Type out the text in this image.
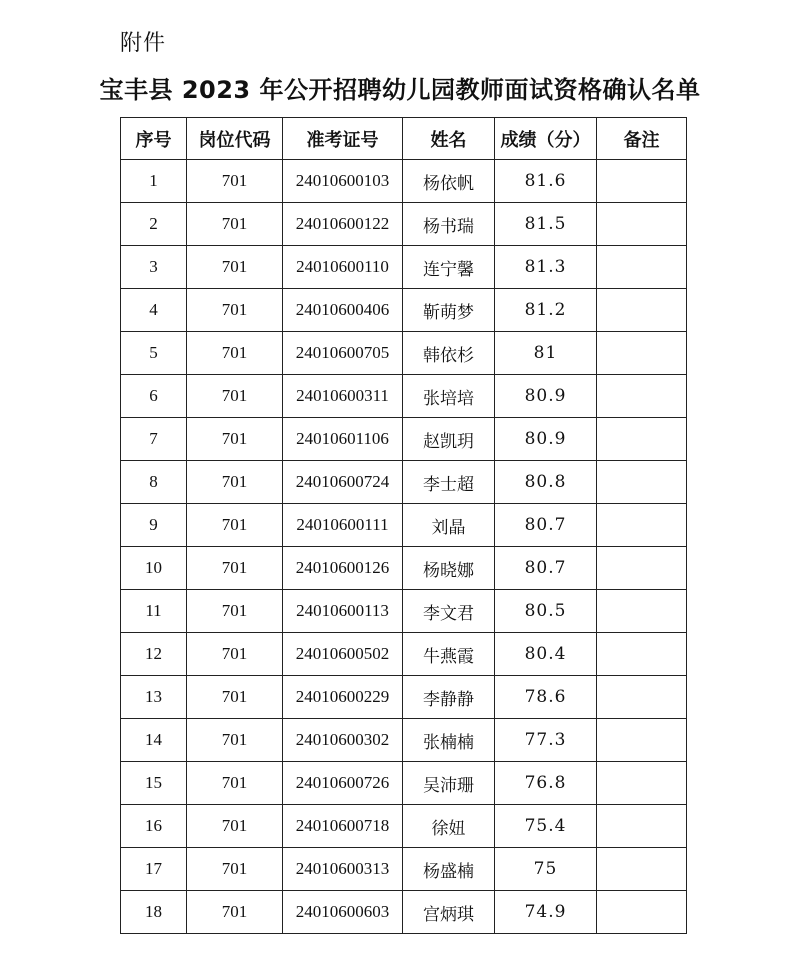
附件
宝丰县 2023 年公开招聘幼儿园教师面试资格确认名单
序号	岗位代码	准考证号	姓名	成绩（分）	备注
1	701	24010600103	杨依帆	81.6	
2	701	24010600122	杨书瑞	81.5	
3	701	24010600110	连宁馨	81.3	
4	701	24010600406	靳萌梦	81.2	
5	701	24010600705	韩依杉	81	
6	701	24010600311	张培培	80.9	
7	701	24010601106	赵凯玥	80.9	
8	701	24010600724	李士超	80.8	
9	701	24010600111	刘晶	80.7	
10	701	24010600126	杨晓娜	80.7	
11	701	24010600113	李文君	80.5	
12	701	24010600502	牛燕霞	80.4	
13	701	24010600229	李静静	78.6	
14	701	24010600302	张楠楠	77.3	
15	701	24010600726	吴沛珊	76.8	
16	701	24010600718	徐妞	75.4	
17	701	24010600313	杨盛楠	75	
18	701	24010600603	宫炳琪	74.9	
